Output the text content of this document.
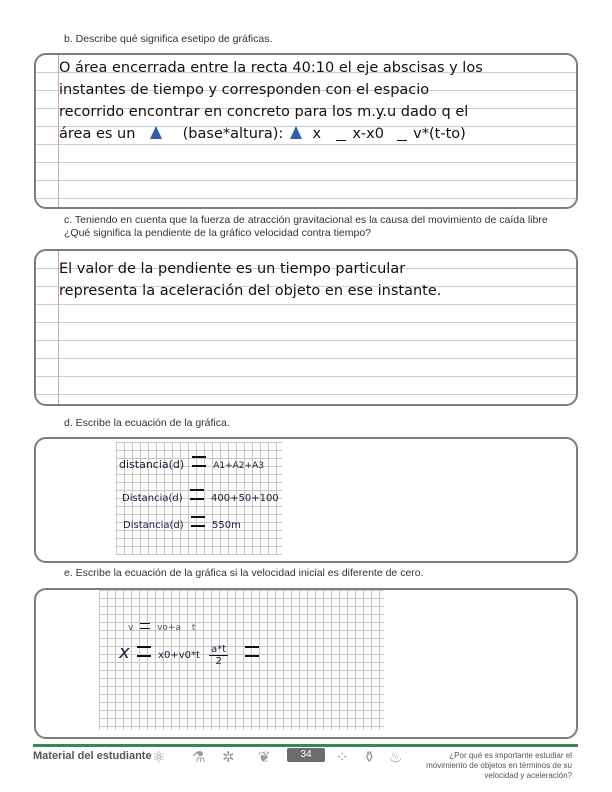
b. Describe qué significa esetipo de gráficas.
O área encerrada entre la recta 40:10 el eje abscisas y los
instantes de tiempo y corresponden con el espacio
recorrido encontrar en concreto para los m.y.u dado q el
área es un	(base*altura): x x-x0 v*(t-to)
c. Teniendo en cuenta que la fuerza de atracción gravitacional es la causa del movimiento de caída libre ¿Qué significa la pendiente de la gráfico velocidad contra tiempo?
El valor de la pendiente es un tiempo particular
representa la aceleración del objeto en ese instante.
d. Escribe la ecuación de la gráfica.
distancia(d)	A1+A2+A3
Distancia(d)	400+50+100
Distancia(d)	550m
e. Escribe la ecuación de la gráfica si la velocidad inicial es diferente de cero.
v	vo+a t
x	$x0+v0*t \frac{a*t}{2}$

Material del estudiante ⚛ ⚗ ✲ ❦	34	⁘ ⚱ ♨	¿Por qué es importante estudiar el movimiento de objetos en términos de su velocidad y aceleración?
